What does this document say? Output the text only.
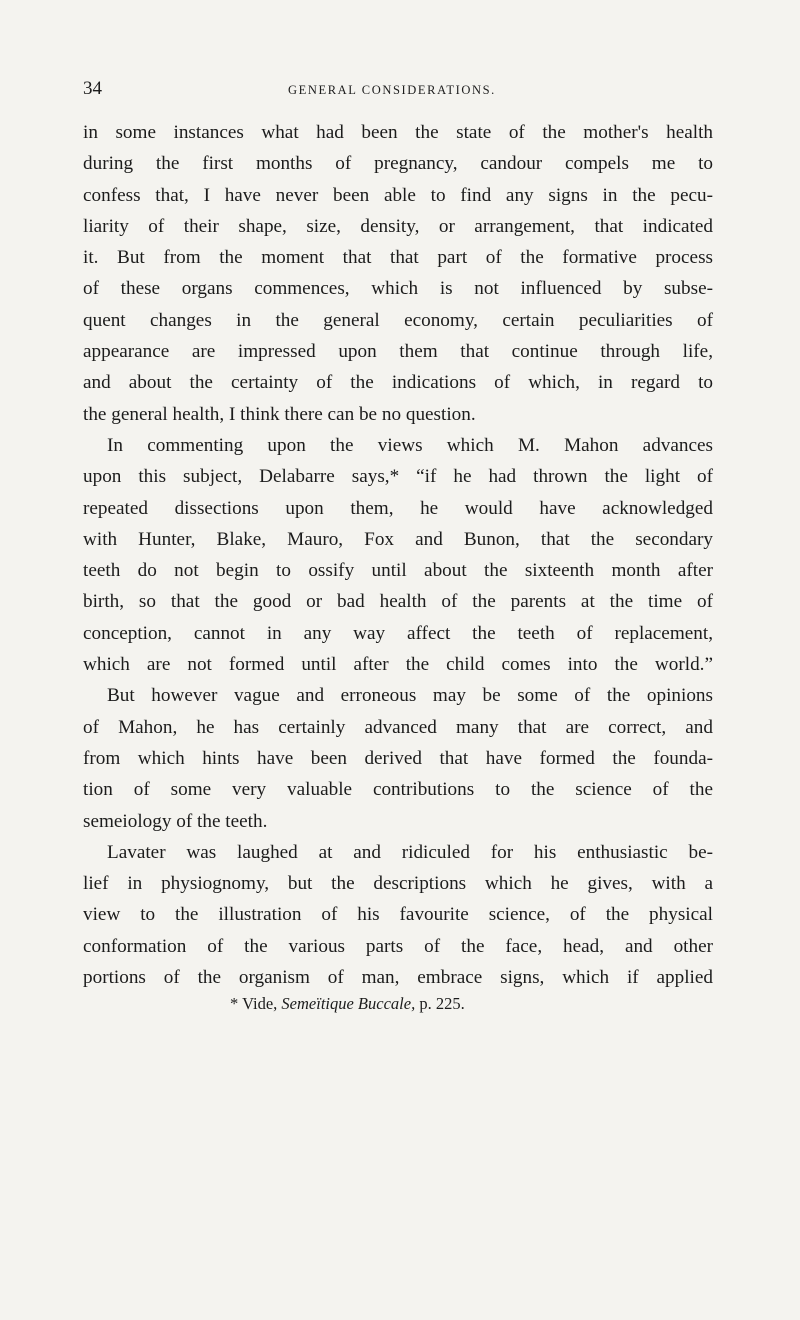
34	GENERAL CONSIDERATIONS.
in some instances what had been the state of the mother's health
during the first months of pregnancy, candour compels me to
confess that, I have never been able to find any signs in the pecu-
liarity of their shape, size, density, or arrangement, that indicated
it. But from the moment that that part of the formative process
of these organs commences, which is not influenced by subse-
quent changes in the general economy, certain peculiarities of
appearance are impressed upon them that continue through life,
and about the certainty of the indications of which, in regard to
the general health, I think there can be no question.
In commenting upon the views which M. Mahon advances
upon this subject, Delabarre says,* “if he had thrown the light of
repeated dissections upon them, he would have acknowledged
with Hunter, Blake, Mauro, Fox and Bunon, that the secondary
teeth do not begin to ossify until about the sixteenth month after
birth, so that the good or bad health of the parents at the time of
conception, cannot in any way affect the teeth of replacement,
which are not formed until after the child comes into the world.”
But however vague and erroneous may be some of the opinions
of Mahon, he has certainly advanced many that are correct, and
from which hints have been derived that have formed the founda-
tion of some very valuable contributions to the science of the
semeiology of the teeth.
Lavater was laughed at and ridiculed for his enthusiastic be-
lief in physiognomy, but the descriptions which he gives, with a
view to the illustration of his favourite science, of the physical
conformation of the various parts of the face, head, and other
portions of the organism of man, embrace signs, which if applied
* Vide, Semeïtique Buccale, p. 225.
